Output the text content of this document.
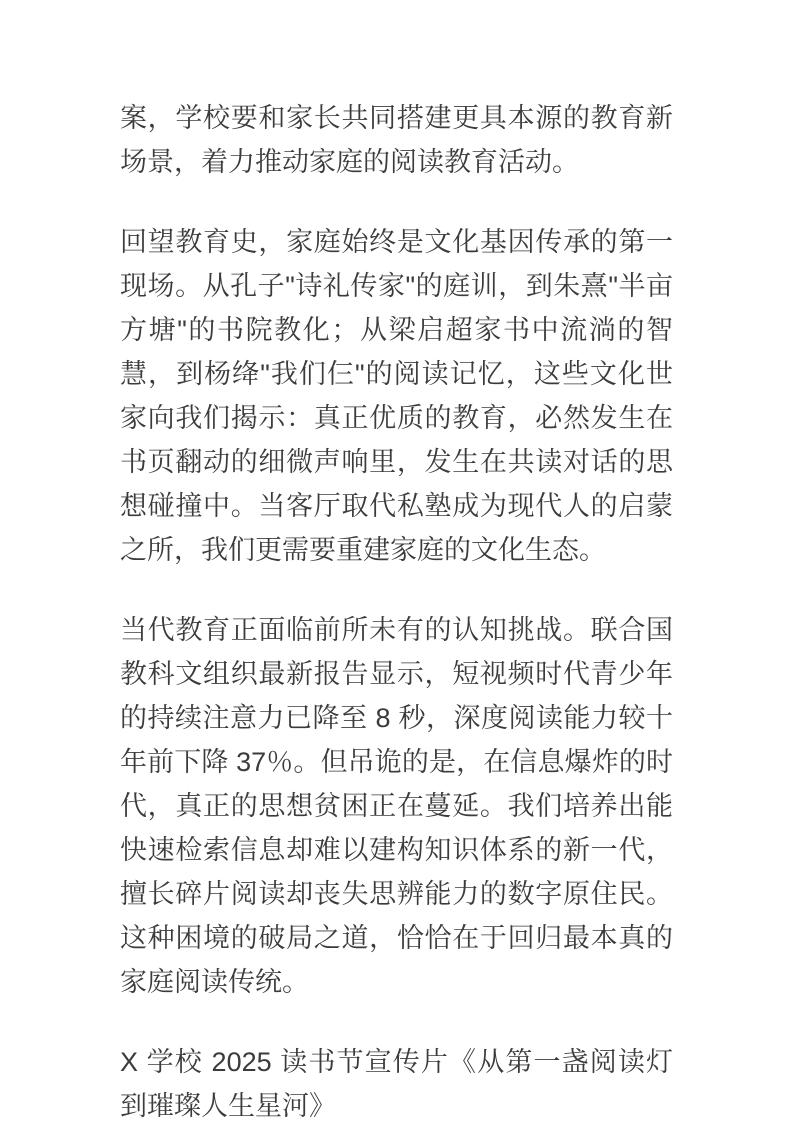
案，学校要和家长共同搭建更具本源的教育新场景，着力推动家庭的阅读教育活动。

回望教育史，家庭始终是文化基因传承的第一现场。从孔子"诗礼传家"的庭训，到朱熹"半亩方塘"的书院教化；从梁启超家书中流淌的智慧，到杨绛"我们仨"的阅读记忆，这些文化世家向我们揭示：真正优质的教育，必然发生在书页翻动的细微声响里，发生在共读对话的思想碰撞中。当客厅取代私塾成为现代人的启蒙之所，我们更需要重建家庭的文化生态。

当代教育正面临前所未有的认知挑战。联合国教科文组织最新报告显示，短视频时代青少年的持续注意力已降至 8 秒，深度阅读能力较十年前下降 37％。但吊诡的是，在信息爆炸的时代，真正的思想贫困正在蔓延。我们培养出能快速检索信息却难以建构知识体系的新一代，擅长碎片阅读却丧失思辨能力的数字原住民。这种困境的破局之道，恰恰在于回归最本真的家庭阅读传统。

X 学校 2025 读书节宣传片《从第一盏阅读灯到璀璨人生星河》
